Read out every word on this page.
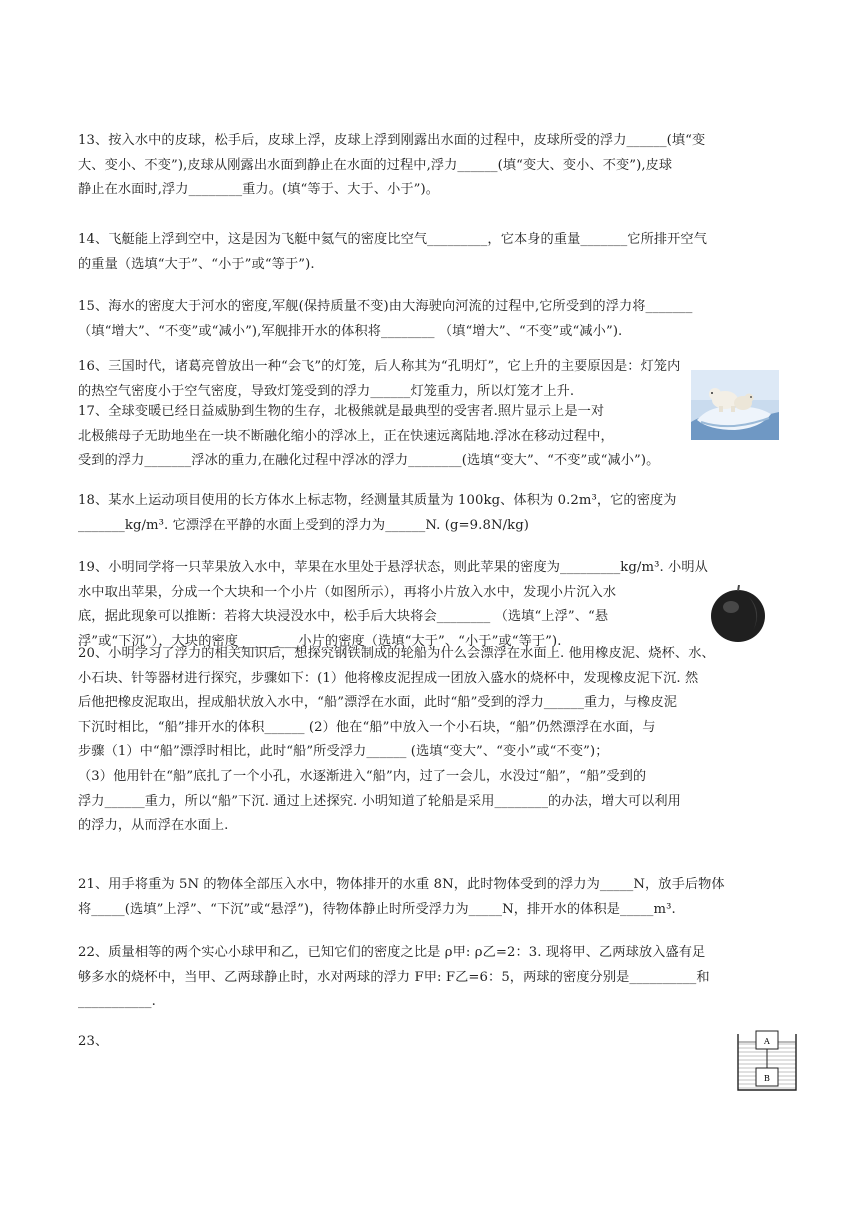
13、按入水中的皮球，松手后，皮球上浮，皮球上浮到刚露出水面的过程中，皮球所受的浮力______(填“变

大、变小、不变”),皮球从刚露出水面到静止在水面的过程中,浮力______(填“变大、变小、不变”),皮球

静止在水面时,浮力________重力。(填“等于、大于、小于”)。

14、飞艇能上浮到空中，这是因为飞艇中氦气的密度比空气_________，它本身的重量_______它所排开空气

的重量（选填“大于”、“小于”或“等于”).

15、海水的密度大于河水的密度,军舰(保持质量不变)由大海驶向河流的过程中,它所受到的浮力将_______

（填“增大”、“不变”或“减小”),军舰排开水的体积将________ （填“增大”、“不变”或“减小”).

16、三国时代，诸葛亮曾放出一种“会飞”的灯笼，后人称其为“孔明灯”，它上升的主要原因是：灯笼内

的热空气密度小于空气密度，导致灯笼受到的浮力______灯笼重力，所以灯笼才上升.

17、全球变暖已经日益威胁到生物的生存，北极熊就是最典型的受害者.照片显示上是一对

北极熊母子无助地坐在一块不断融化缩小的浮冰上，正在快速远离陆地.浮冰在移动过程中，

受到的浮力_______浮冰的重力,在融化过程中浮冰的浮力________(选填“变大”、“不变”或“减小”)。

18、某水上运动项目使用的长方体水上标志物，经测量其质量为 100kg、体积为 0.2m³，它的密度为

_______kg/m³. 它漂浮在平静的水面上受到的浮力为______N. (g=9.8N/kg)

19、小明同学将一只苹果放入水中，苹果在水里处于悬浮状态，则此苹果的密度为_________kg/m³. 小明从

水中取出苹果，分成一个大块和一个小片（如图所示），再将小片放入水中，发现小片沉入水

底，据此现象可以推断：若将大块浸没水中，松手后大块将会________ （选填“上浮”、“悬

浮”或“下沉”），大块的密度_________小片的密度（选填“大于”、“小于”或“等于”).

20、小明学习了浮力的相关知识后，想探究钢铁制成的轮船为什么会漂浮在水面上. 他用橡皮泥、烧杯、水、

小石块、针等器材进行探究，步骤如下：(1）他将橡皮泥捏成一团放入盛水的烧杯中，发现橡皮泥下沉. 然

后他把橡皮泥取出，捏成船状放入水中，“船”漂浮在水面，此时“船”受到的浮力______重力，与橡皮泥

下沉时相比，“船”排开水的体积______ (2）他在“船”中放入一个小石块，“船”仍然漂浮在水面，与

步骤（1）中“船”漂浮时相比，此时“船”所受浮力______ (选填“变大”、“变小”或“不变”)；

（3）他用针在“船”底扎了一个小孔，水逐渐进入“船”内，过了一会儿，水没过“船”，“船”受到的

浮力______重力，所以“船”下沉. 通过上述探究. 小明知道了轮船是采用________的办法，增大可以利用

的浮力，从而浮在水面上.

21、用手将重为 5N 的物体全部压入水中，物体排开的水重 8N，此时物体受到的浮力为_____N，放手后物体

将_____(选填”上浮”、“下沉”或“悬浮”)，待物体静止时所受浮力为_____N，排开水的体积是_____m³.

22、质量相等的两个实心小球甲和乙，已知它们的密度之比是 ρ甲: ρ乙=2：3. 现将甲、乙两球放入盛有足

够多水的烧杯中，当甲、乙两球静止时，水对两球的浮力 F甲: F乙=6：5，两球的密度分别是__________和

___________.

23、	A
B
